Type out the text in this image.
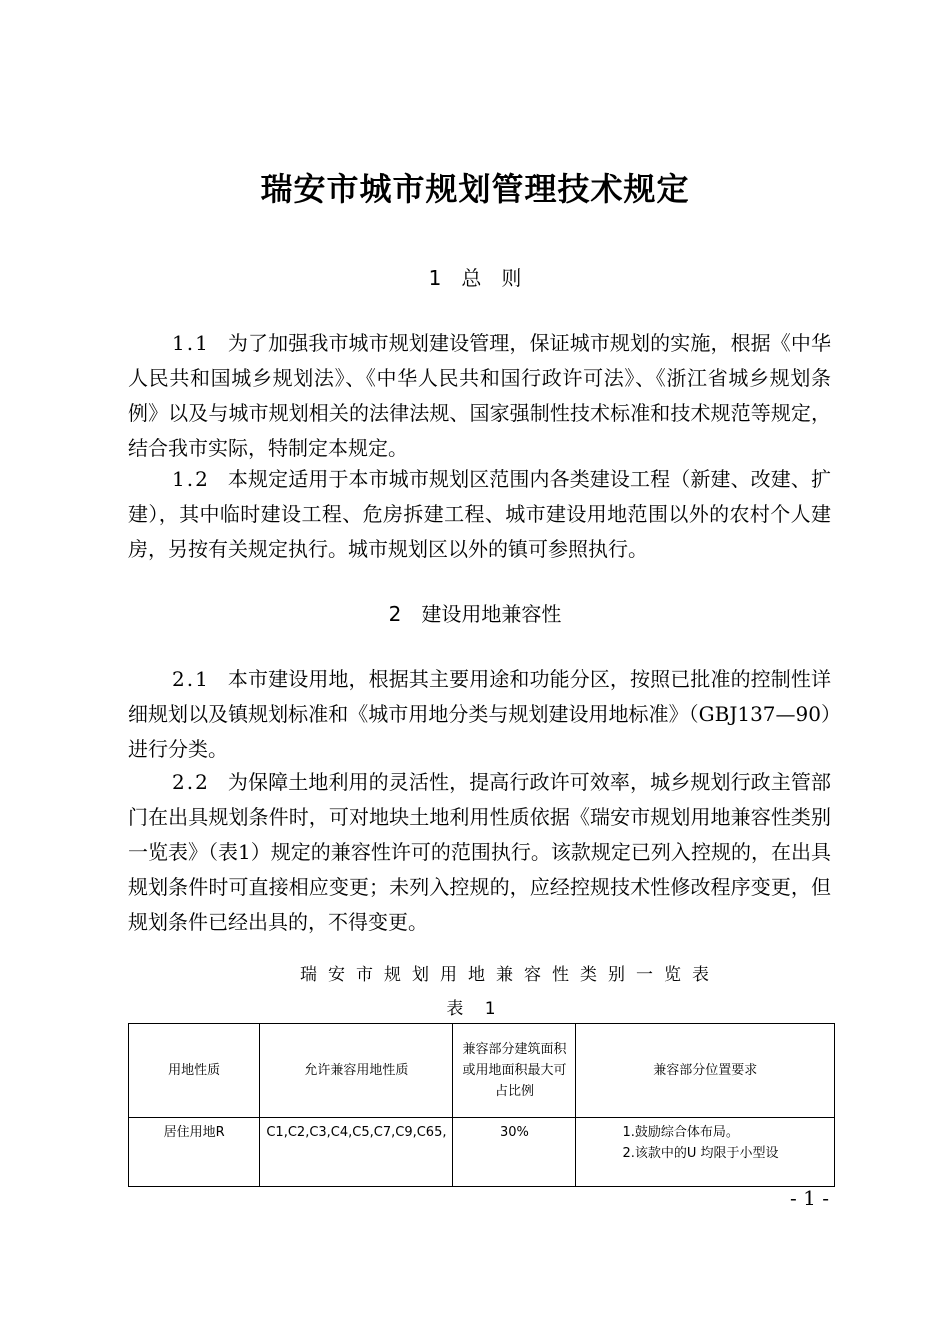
瑞安市城市规划管理技术规定
1　总　则

1.1 为了加强我市城市规划建设管理，保证城市规划的实施，根据《中华人民共和国城乡规划法》、《中华人民共和国行政许可法》、《浙江省城乡规划条例》以及与城市规划相关的法律法规、国家强制性技术标准和技术规范等规定，结合我市实际，特制定本规定。

1.2 本规定适用于本市城市规划区范围内各类建设工程（新建、改建、扩建），其中临时建设工程、危房拆建工程、城市建设用地范围以外的农村个人建房，另按有关规定执行。城市规划区以外的镇可参照执行。

2　建设用地兼容性

2.1 本市建设用地，根据其主要用途和功能分区，按照已批准的控制性详细规划以及镇规划标准和《城市用地分类与规划建设用地标准》（GBJ137—90）进行分类。

2.2 为保障土地利用的灵活性，提高行政许可效率，城乡规划行政主管部门在出具规划条件时，可对地块土地利用性质依据《瑞安市规划用地兼容性类别一览表》（表1）规定的兼容性许可的范围执行。该款规定已列入控规的，在出具规划条件时可直接相应变更；未列入控规的，应经控规技术性修改程序变更，但规划条件已经出具的，不得变更。

瑞安市规划用地兼容性类别一览表
表 1
用地性质	允许兼容用地性质	兼容部分建筑面积或用地面积最大可占比例	兼容部分位置要求
居住用地R	C1,C2,C3,C4,C5,C7,C9,C65,	30%	1.鼓励综合体布局。
2.该款中的U 均限于小型设
- 1 -
